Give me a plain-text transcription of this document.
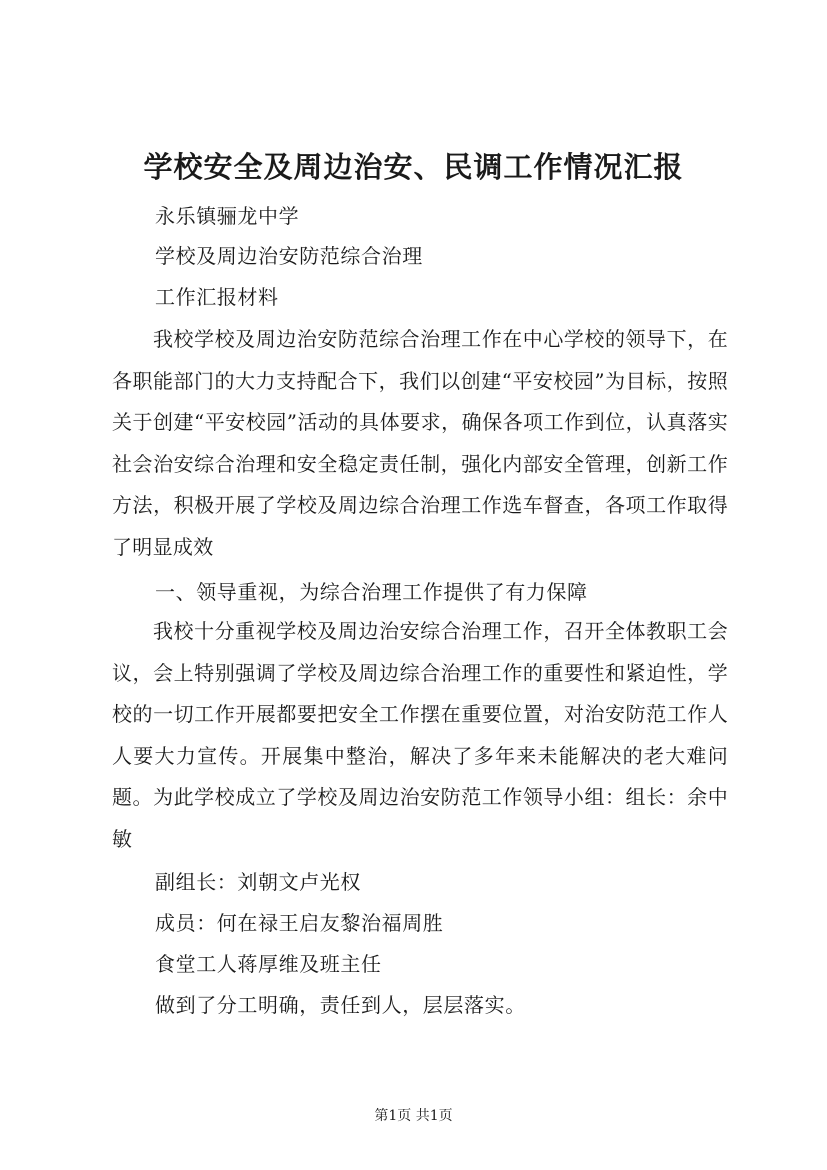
学校安全及周边治安、民调工作情况汇报

永乐镇骊龙中学

学校及周边治安防范综合治理

工作汇报材料

我校学校及周边治安防范综合治理工作在中心学校的领导下，在各职能部门的大力支持配合下，我们以创建“平安校园”为目标，按照关于创建“平安校园”活动的具体要求，确保各项工作到位，认真落实社会治安综合治理和安全稳定责任制，强化内部安全管理，创新工作方法，积极开展了学校及周边综合治理工作选车督查，各项工作取得了明显成效

一、领导重视，为综合治理工作提供了有力保障

我校十分重视学校及周边治安综合治理工作，召开全体教职工会议，会上特别强调了学校及周边综合治理工作的重要性和紧迫性，学校的一切工作开展都要把安全工作摆在重要位置，对治安防范工作人人要大力宣传。开展集中整治，解决了多年来未能解决的老大难问题。为此学校成立了学校及周边治安防范工作领导小组：组长：余中敏

副组长：刘朝文卢光权

成员：何在禄王启友黎治福周胜

食堂工人蒋厚维及班主任

做到了分工明确，责任到人，层层落实。

第1页 共1页
